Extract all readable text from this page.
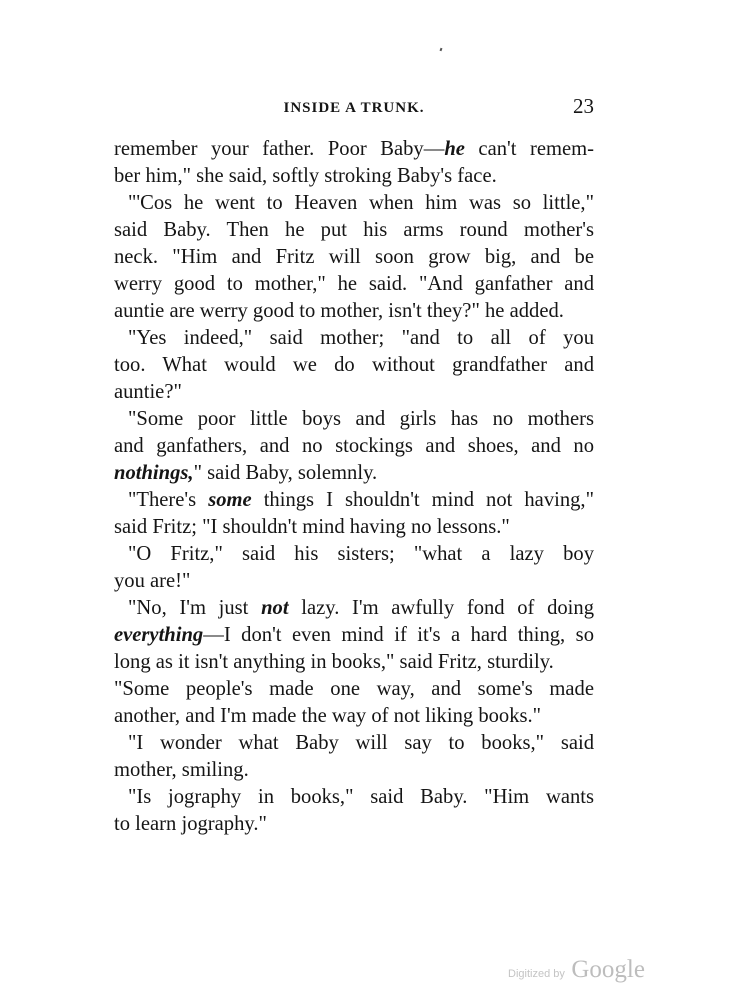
INSIDE A TRUNK.	23
remember your father. Poor Baby—he can't remem-
ber him," she said, softly stroking Baby's face.
"'Cos he went to Heaven when him was so little,"
said Baby. Then he put his arms round mother's
neck. "Him and Fritz will soon grow big, and be
werry good to mother," he said. "And ganfather and
auntie are werry good to mother, isn't they?" he added.
"Yes indeed," said mother; "and to all of you
too. What would we do without grandfather and
auntie?"
"Some poor little boys and girls has no mothers
and ganfathers, and no stockings and shoes, and no
nothings," said Baby, solemnly.
"There's some things I shouldn't mind not having,"
said Fritz; "I shouldn't mind having no lessons."
"O Fritz," said his sisters; "what a lazy boy
you are!"
"No, I'm just not lazy. I'm awfully fond of doing
everything—I don't even mind if it's a hard thing, so
long as it isn't anything in books," said Fritz, sturdily.
"Some people's made one way, and some's made
another, and I'm made the way of not liking books."
"I wonder what Baby will say to books," said
mother, smiling.
"Is jography in books," said Baby. "Him wants
to learn jography."
Digitized by Google
